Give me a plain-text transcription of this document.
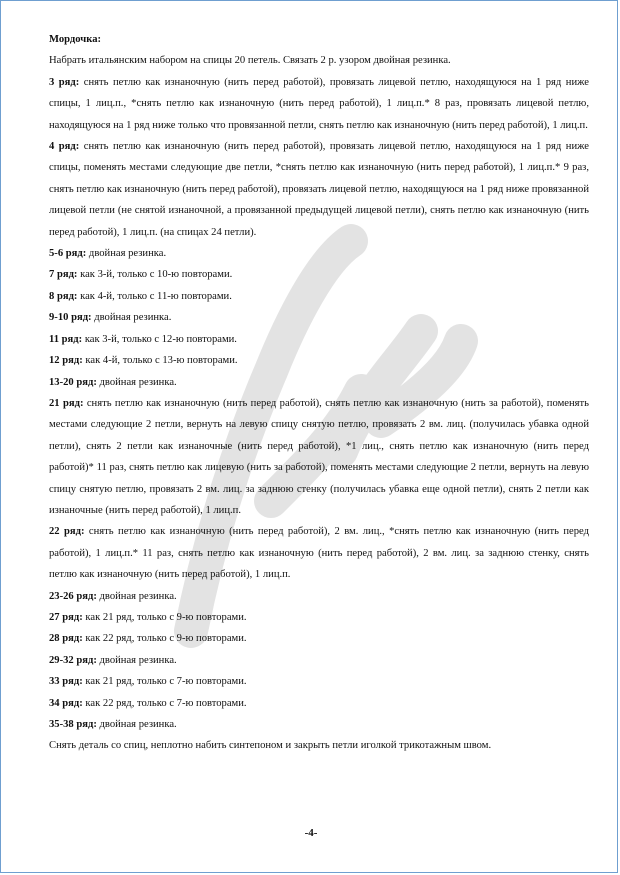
Мордочка:
Набрать итальянским набором на спицы 20 петель. Связать 2 р. узором двойная резинка.
3 ряд: снять петлю как изнаночную (нить перед работой), провязать лицевой петлю, находящуюся на 1 ряд ниже спицы, 1 лиц.п., *снять петлю как изнаночную (нить перед работой), 1 лиц.п.* 8 раз, провязать лицевой петлю, находящуюся на 1 ряд ниже только что провязанной петли, снять петлю как изнаночную (нить перед работой), 1 лиц.п.
4 ряд: снять петлю как изнаночную (нить перед работой), провязать лицевой петлю, находящуюся на 1 ряд ниже спицы, поменять местами следующие две петли, *снять петлю как изнаночную (нить перед работой), 1 лиц.п.* 9 раз, снять петлю как изнаночную (нить перед работой), провязать лицевой петлю, находящуюся на 1 ряд ниже провязанной лицевой петли (не снятой изнаночной, а провязанной предыдущей лицевой петли), снять петлю как изнаночную (нить перед работой), 1 лиц.п. (на спицах 24 петли).
5-6 ряд: двойная резинка.
7 ряд: как 3-й, только с 10-ю повторами.
8 ряд: как 4-й, только с 11-ю повторами.
9-10 ряд: двойная резинка.
11 ряд: как 3-й, только с 12-ю повторами.
12 ряд: как 4-й, только с 13-ю повторами.
13-20 ряд: двойная резинка.
21 ряд: снять петлю как изнаночную (нить перед работой), снять петлю как изнаночную (нить за работой), поменять местами следующие 2 петли, вернуть на левую спицу снятую петлю, провязать 2 вм. лиц. (получилась убавка одной петли), снять 2 петли как изнаночные (нить перед работой), *1 лиц., снять петлю как изнаночную (нить перед работой)* 11 раз, снять петлю как лицевую (нить за работой), поменять местами следующие 2 петли, вернуть на левую спицу снятую петлю, провязать 2 вм. лиц. за заднюю стенку (получилась убавка еще одной петли), снять 2 петли как изнаночные (нить перед работой), 1 лиц.п.
22 ряд: снять петлю как изнаночную (нить перед работой), 2 вм. лиц., *снять петлю как изнаночную (нить перед работой), 1 лиц.п.* 11 раз, снять петлю как изнаночную (нить перед работой), 2 вм. лиц. за заднюю стенку, снять петлю как изнаночную (нить перед работой), 1 лиц.п.
23-26 ряд: двойная резинка.
27 ряд: как 21 ряд, только с 9-ю повторами.
28 ряд: как 22 ряд, только с 9-ю повторами.
29-32 ряд: двойная резинка.
33 ряд: как 21 ряд, только с 7-ю повторами.
34 ряд: как 22 ряд, только с 7-ю повторами.
35-38 ряд: двойная резинка.
Снять деталь со спиц, неплотно набить синтепоном и закрыть петли иголкой трикотажным швом.
-4-
